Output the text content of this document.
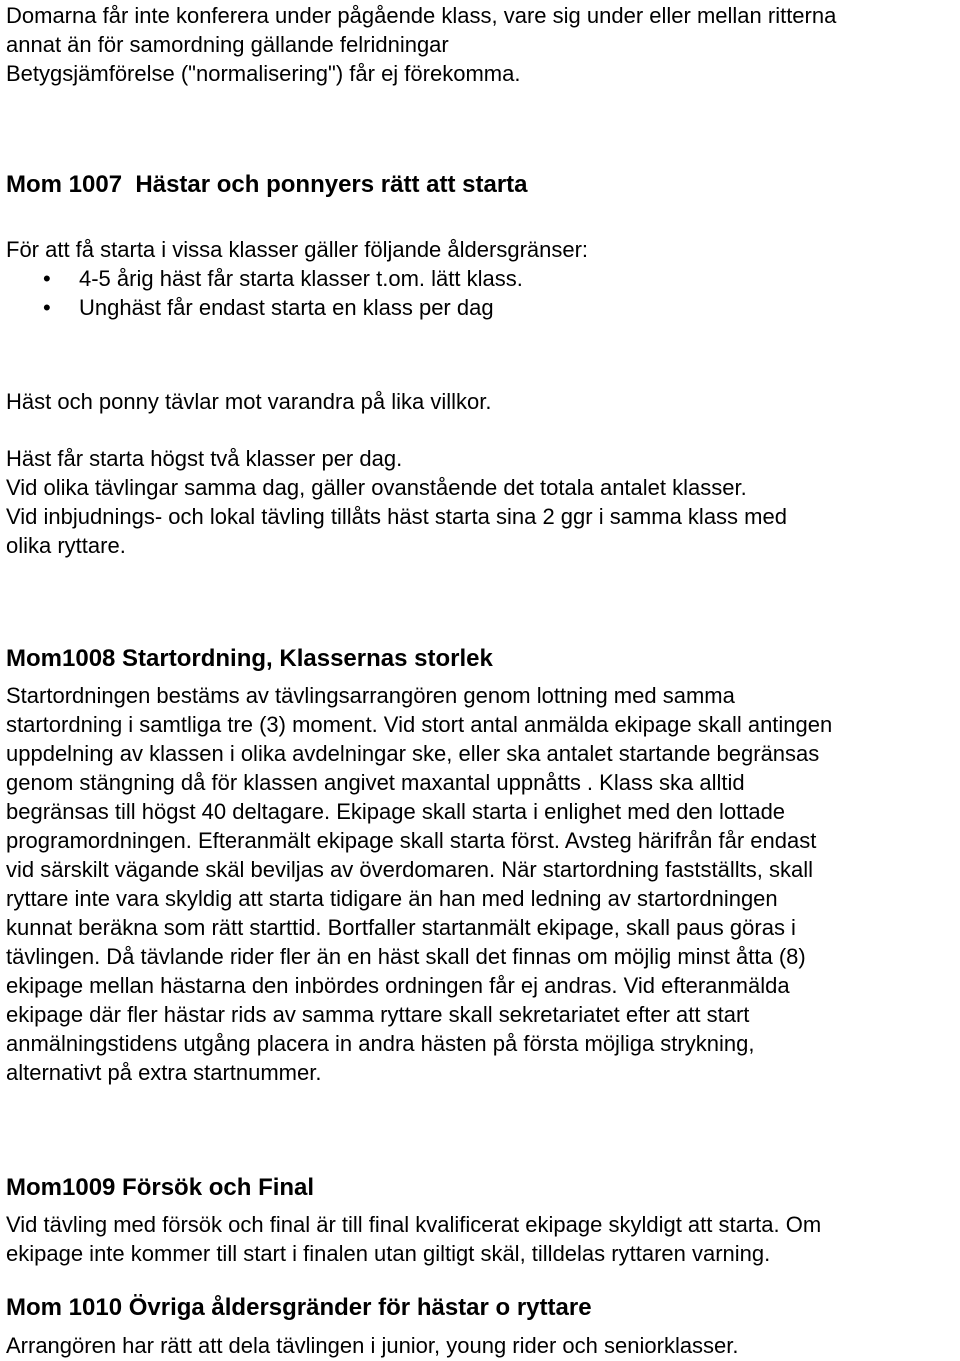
Domarna får inte konferera under pågående klass, vare sig under eller mellan ritterna

annat än för samordning gällande felridningar

Betygsjämförelse ("normalisering") får ej förekomma.

Mom 1007  Hästar och ponnyers rätt att starta

För att få starta i vissa klasser gäller följande åldersgränser:

• 4-5 årig häst får starta klasser t.om. lätt klass.
• Unghäst får endast starta en klass per dag

Häst och ponny tävlar mot varandra på lika villkor.

Häst får starta högst två klasser per dag.

Vid olika tävlingar samma dag, gäller ovanstående det totala antalet klasser.

Vid inbjudnings- och lokal tävling tillåts häst starta sina 2 ggr i samma klass med

olika ryttare.

Mom1008 Startordning, Klassernas storlek

Startordningen bestäms av tävlingsarrangören genom lottning med samma

startordning i samtliga tre (3) moment. Vid stort antal anmälda ekipage skall antingen

uppdelning av klassen i olika avdelningar ske, eller ska antalet startande begränsas

genom stängning då för klassen angivet maxantal uppnåtts . Klass ska alltid

begränsas till högst 40 deltagare. Ekipage skall starta i enlighet med den lottade

programordningen. Efteranmält ekipage skall starta först. Avsteg härifrån får endast

vid särskilt vägande skäl beviljas av överdomaren. När startordning fastställts, skall

ryttare inte vara skyldig att starta tidigare än han med ledning av startordningen

kunnat beräkna som rätt starttid. Bortfaller startanmält ekipage, skall paus göras i

tävlingen. Då tävlande rider fler än en häst skall det finnas om möjlig minst åtta (8)

ekipage mellan hästarna den inbördes ordningen får ej andras. Vid efteranmälda

ekipage där fler hästar rids av samma ryttare skall sekretariatet efter att start

anmälningstidens utgång placera in andra hästen på första möjliga strykning,

alternativt på extra startnummer.

Mom1009 Försök och Final

Vid tävling med försök och final är till final kvalificerat ekipage skyldigt att starta. Om

ekipage inte kommer till start i finalen utan giltigt skäl, tilldelas ryttaren varning.

Mom 1010 Övriga åldersgränder för hästar o ryttare

Arrangören har rätt att dela tävlingen i junior, young rider och seniorklasser.
